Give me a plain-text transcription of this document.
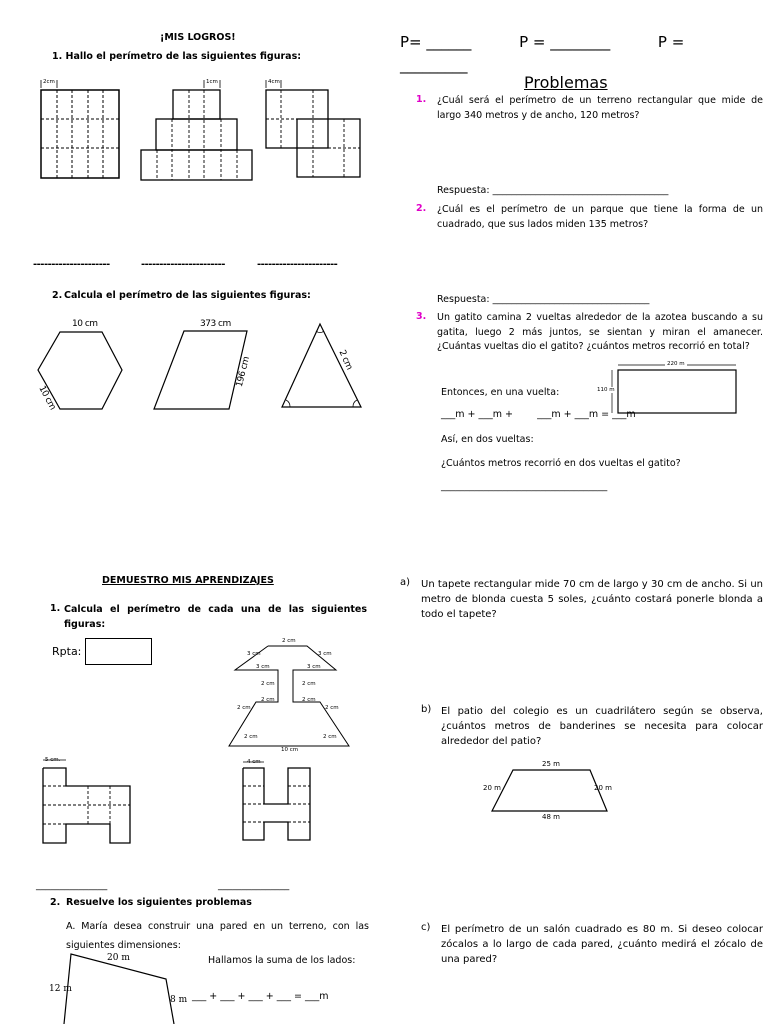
¡MIS LOGROS!
1. Hallo el perímetro de las siguientes figuras:
2cm	1cm	4cm
---------------------	-----------------------	----------------------
2. Calcula el perímetro de las siguientes figuras:
10 cm
10 cm
373 cm
196 cm	2 cm
P= ______          P = ________          P =
_________
Problemas
1. ¿Cuál será el perímetro de un terreno rectangular que mide de largo 340 metros y de ancho, 120 metros?
Respuesta: _____________________________________
2. ¿Cuál es el perímetro de un parque que tiene la forma de un cuadrado, que sus lados miden 135 metros?
Respuesta: _________________________________
3. Un gatito camina 2 vueltas alrededor de la azotea buscando a su gatita, luego 2 más juntos, se sientan y miran el amanecer. ¿Cuántas vueltas dio el gatito? ¿cuántos metros recorrió en total?
220 m
110 m
Entonces, en una vuelta:
___m + ___m +        ___m + ___m = ___m
Así, en dos vueltas:
¿Cuántos metros recorrió en dos vueltas el gatito?
___________________________________
DEMUESTRO MIS APRENDIZAJES
1. Calcula el perímetro de cada una de las siguientes figuras:
Rpta:
2 cm
3 cm	3 cm
3 cm	3 cm
2 cm	2 cm
2 cm	2 cm
2 cm	2 cm
2 cm	2 cm
10 cm
5 cm.	4 cm
_______________	_______________
2. Resuelve los siguientes problemas
A. María desea construir una pared en un terreno, con las siguientes dimensiones:
20 m
12 m
8 m
Hallamos la suma de los lados:
___ + ___ + ___ + ___ = ___m
a) Un tapete rectangular mide 70 cm de largo y 30 cm de ancho. Si un metro de blonda cuesta 5 soles, ¿cuánto costará ponerle blonda a todo el tapete?
b) El patio del colegio es un cuadrilátero según se observa, ¿cuántos metros de banderines se necesita para colocar alrededor del patio?
25 m
20 m	20 m
48 m
c) El perímetro de un salón cuadrado es 80 m. Si deseo colocar zócalos a lo largo de cada pared, ¿cuánto medirá el zócalo de una pared?
